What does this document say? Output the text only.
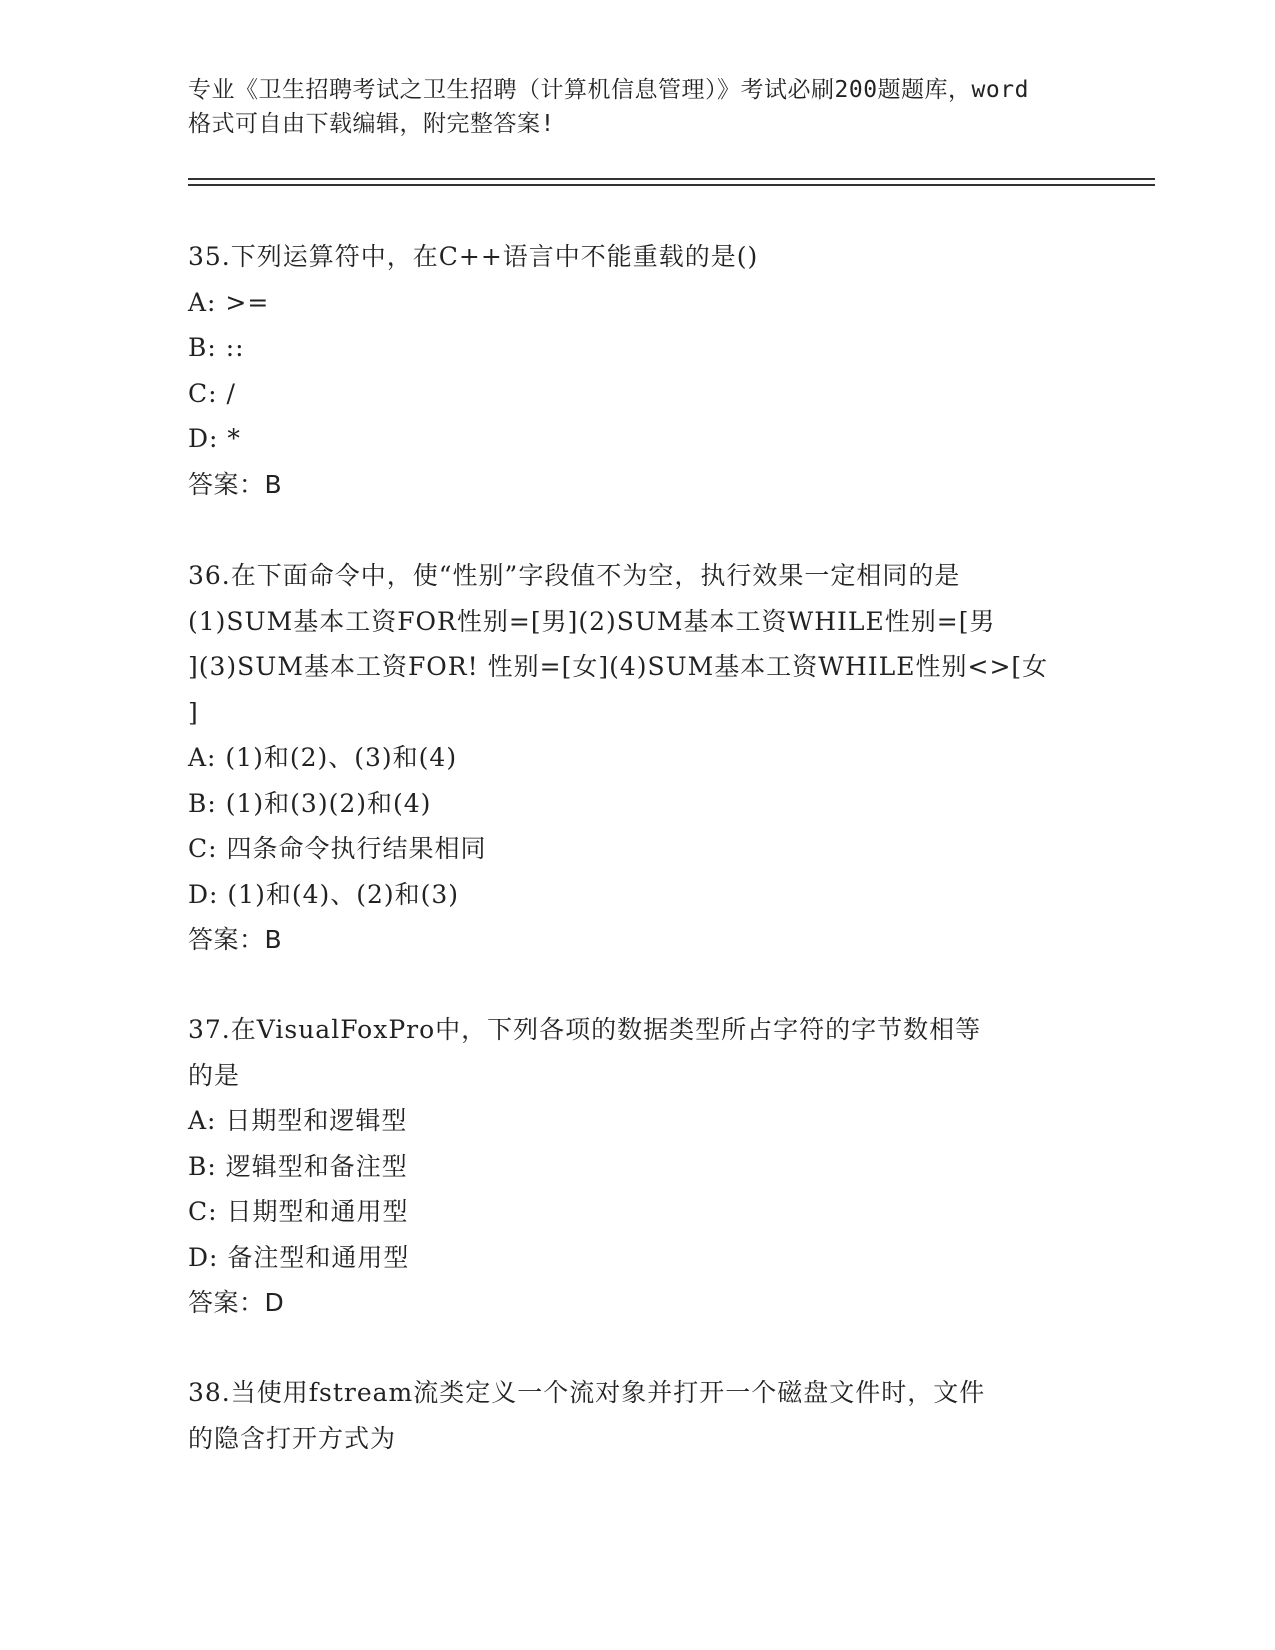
专业《卫生招聘考试之卫生招聘（计算机信息管理）》考试必刷200题题库，word
格式可自由下载编辑，附完整答案!

35.下列运算符中，在C++语言中不能重载的是()

A: >=

B: ::

C: /

D: *

答案：B

36.在下面命令中，使“性别”字段值不为空，执行效果一定相同的是

(1)SUM基本工资FOR性别=[男](2)SUM基本工资WHILE性别=[男

](3)SUM基本工资FOR! 性别=[女](4)SUM基本工资WHILE性别<>[女

]

A: (1)和(2)、(3)和(4)

B: (1)和(3)(2)和(4)

C: 四条命令执行结果相同

D: (1)和(4)、(2)和(3)

答案：B

37.在VisualFoxPro中，下列各项的数据类型所占字符的字节数相等

的是

A: 日期型和逻辑型

B: 逻辑型和备注型

C: 日期型和通用型

D: 备注型和通用型

答案：D

38.当使用fstream流类定义一个流对象并打开一个磁盘文件时，文件

的隐含打开方式为
